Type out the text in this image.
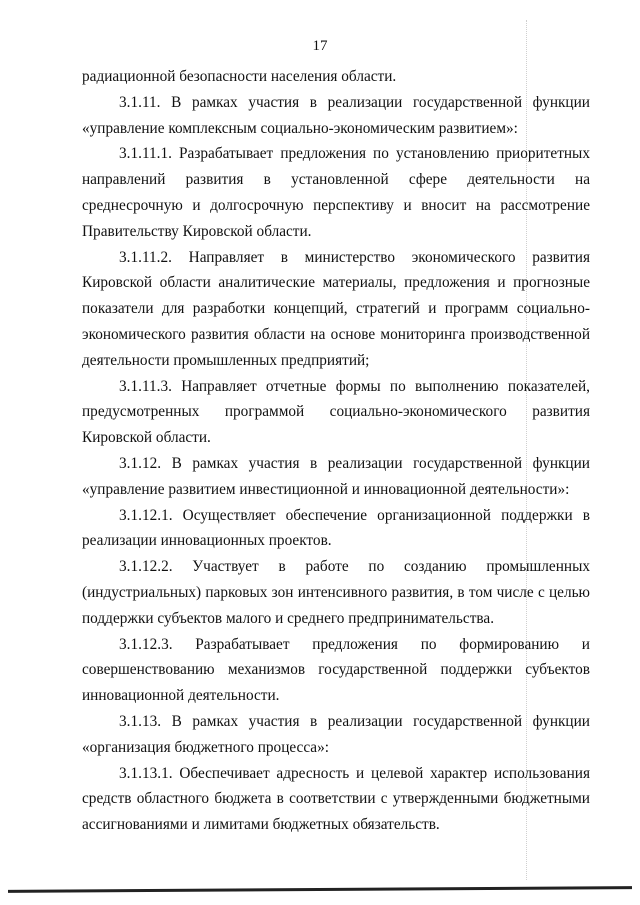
17

радиационной безопасности населения области.

3.1.11. В рамках участия в реализации государственной функции «управление комплексным социально-экономическим развитием»:

3.1.11.1. Разрабатывает предложения по установлению приоритетных направлений развития в установленной сфере деятельности на среднесрочную и долгосрочную перспективу и вносит на рассмотрение Правительству Кировской области.

3.1.11.2. Направляет в министерство экономического развития Кировской области аналитические материалы, предложения и прогнозные показатели для разработки концепций, стратегий и программ социально-экономического развития области на основе мониторинга производственной деятельности промышленных предприятий;

3.1.11.3. Направляет отчетные формы по выполнению показателей, предусмотренных программой социально-экономического развития Кировской области.

3.1.12. В рамках участия в реализации государственной функции «управление развитием инвестиционной и инновационной деятельности»:

3.1.12.1. Осуществляет обеспечение организационной поддержки в реализации инновационных проектов.

3.1.12.2. Участвует в работе по созданию промышленных (индустриальных) парковых зон интенсивного развития, в том числе с целью поддержки субъектов малого и среднего предпринимательства.

3.1.12.3. Разрабатывает предложения по формированию и совершенствованию механизмов государственной поддержки субъектов инновационной деятельности.

3.1.13. В рамках участия в реализации государственной функции «организация бюджетного процесса»:

3.1.13.1. Обеспечивает адресность и целевой характер использования средств областного бюджета в соответствии с утвержденными бюджетными ассигнованиями и лимитами бюджетных обязательств.
